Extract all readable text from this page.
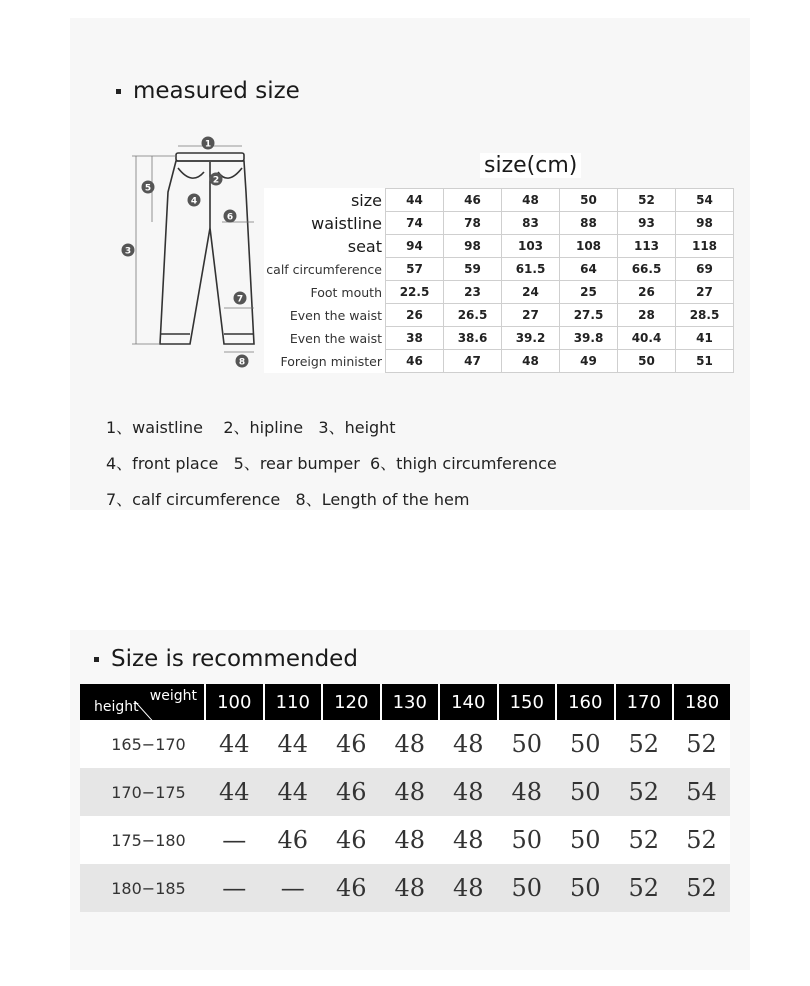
measured size
1
2
3
4
5
6
7
8
size(cm)
size	44	46	48	50	52	54
waistline	74	78	83	88	93	98
seat	94	98	103	108	113	118
calf circumference	57	59	61.5	64	66.5	69
Foot mouth	22.5	23	24	25	26	27
Even the waist	26	26.5	27	27.5	28	28.5
Even the waist	38	38.6	39.2	39.8	40.4	41
Foreign minister	46	47	48	49	50	51
1、waistline    2、hipline   3、height
4、front place   5、rear bumper  6、thigh circumference
7、calf circumference   8、Length of the hem
Size is recommended
height
weight	100	110	120	130	140	150	160	170	180
165−170	44	44	46	48	48	50	50	52	52
170−175	44	44	46	48	48	48	50	52	54
175−180	—	46	46	48	48	50	50	52	52
180−185	—	—	46	48	48	50	50	52	52
